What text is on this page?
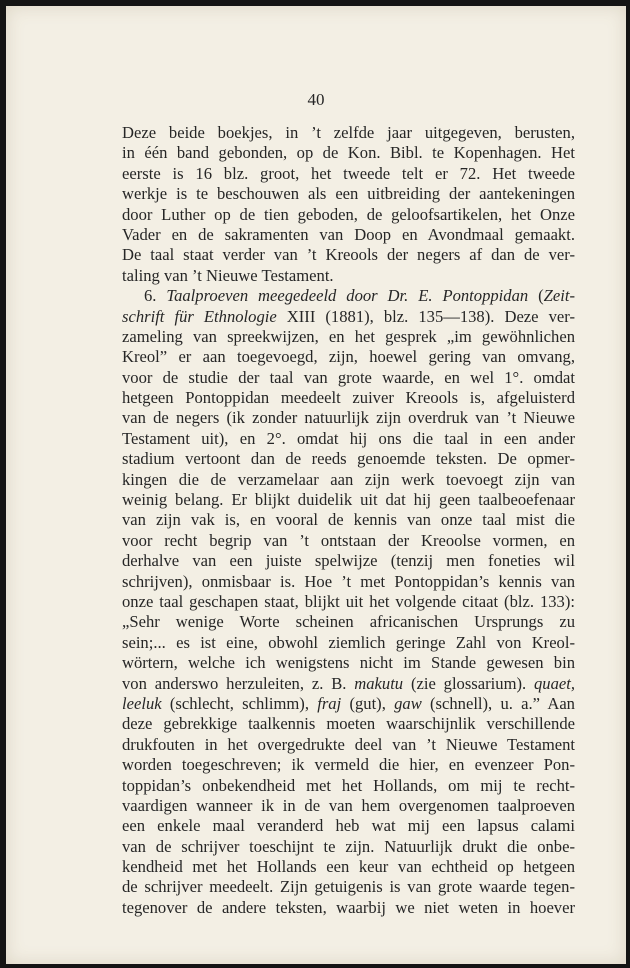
40
Deze beide boekjes, in ’t zelfde jaar uitgegeven, berusten,
in één band gebonden, op de Kon. Bibl. te Kopenhagen. Het
eerste is 16 blz. groot, het tweede telt er 72. Het tweede
werkje is te beschouwen als een uitbreiding der aantekeningen
door Luther op de tien geboden, de geloofsartikelen, het Onze
Vader en de sakramenten van Doop en Avondmaal gemaakt.
De taal staat verder van ’t Kreools der negers af dan de ver-
taling van ’t Nieuwe Testament.
6. Taalproeven meegedeeld door Dr. E. Pontoppidan (Zeit-
schrift für Ethnologie XIII (1881), blz. 135—138). Deze ver-
zameling van spreekwijzen, en het gesprek „im gewöhnlichen
Kreol” er aan toegevoegd, zijn, hoewel gering van omvang,
voor de studie der taal van grote waarde, en wel 1°. omdat
hetgeen Pontoppidan meedeelt zuiver Kreools is, afgeluisterd
van de negers (ik zonder natuurlijk zijn overdruk van ’t Nieuwe
Testament uit), en 2°. omdat hij ons die taal in een ander
stadium vertoont dan de reeds genoemde teksten. De opmer-
kingen die de verzamelaar aan zijn werk toevoegt zijn van
weinig belang. Er blijkt duidelik uit dat hij geen taalbeoefenaar
van zijn vak is, en vooral de kennis van onze taal mist die
voor recht begrip van ’t ontstaan der Kreoolse vormen, en
derhalve van een juiste spelwijze (tenzij men foneties wil
schrijven), onmisbaar is. Hoe ’t met Pontoppidan’s kennis van
onze taal geschapen staat, blijkt uit het volgende citaat (blz. 133):
„Sehr wenige Worte scheinen africanischen Ursprungs zu
sein;... es ist eine, obwohl ziemlich geringe Zahl von Kreol-
wörtern, welche ich wenigstens nicht im Stande gewesen bin
von anderswo herzuleiten, z. B. makutu (zie glossarium). quaet,
leeluk (schlecht, schlimm), fraj (gut), gaw (schnell), u. a.” Aan
deze gebrekkige taalkennis moeten waarschijnlik verschillende
drukfouten in het overgedrukte deel van ’t Nieuwe Testament
worden toegeschreven; ik vermeld die hier, en evenzeer Pon-
toppidan’s onbekendheid met het Hollands, om mij te recht-
vaardigen wanneer ik in de van hem overgenomen taalproeven
een enkele maal veranderd heb wat mij een lapsus calami
van de schrijver toeschijnt te zijn. Natuurlijk drukt die onbe-
kendheid met het Hollands een keur van echtheid op hetgeen
de schrijver meedeelt. Zijn getuigenis is van grote waarde tegen-
tegenover de andere teksten, waarbij we niet weten in hoever
